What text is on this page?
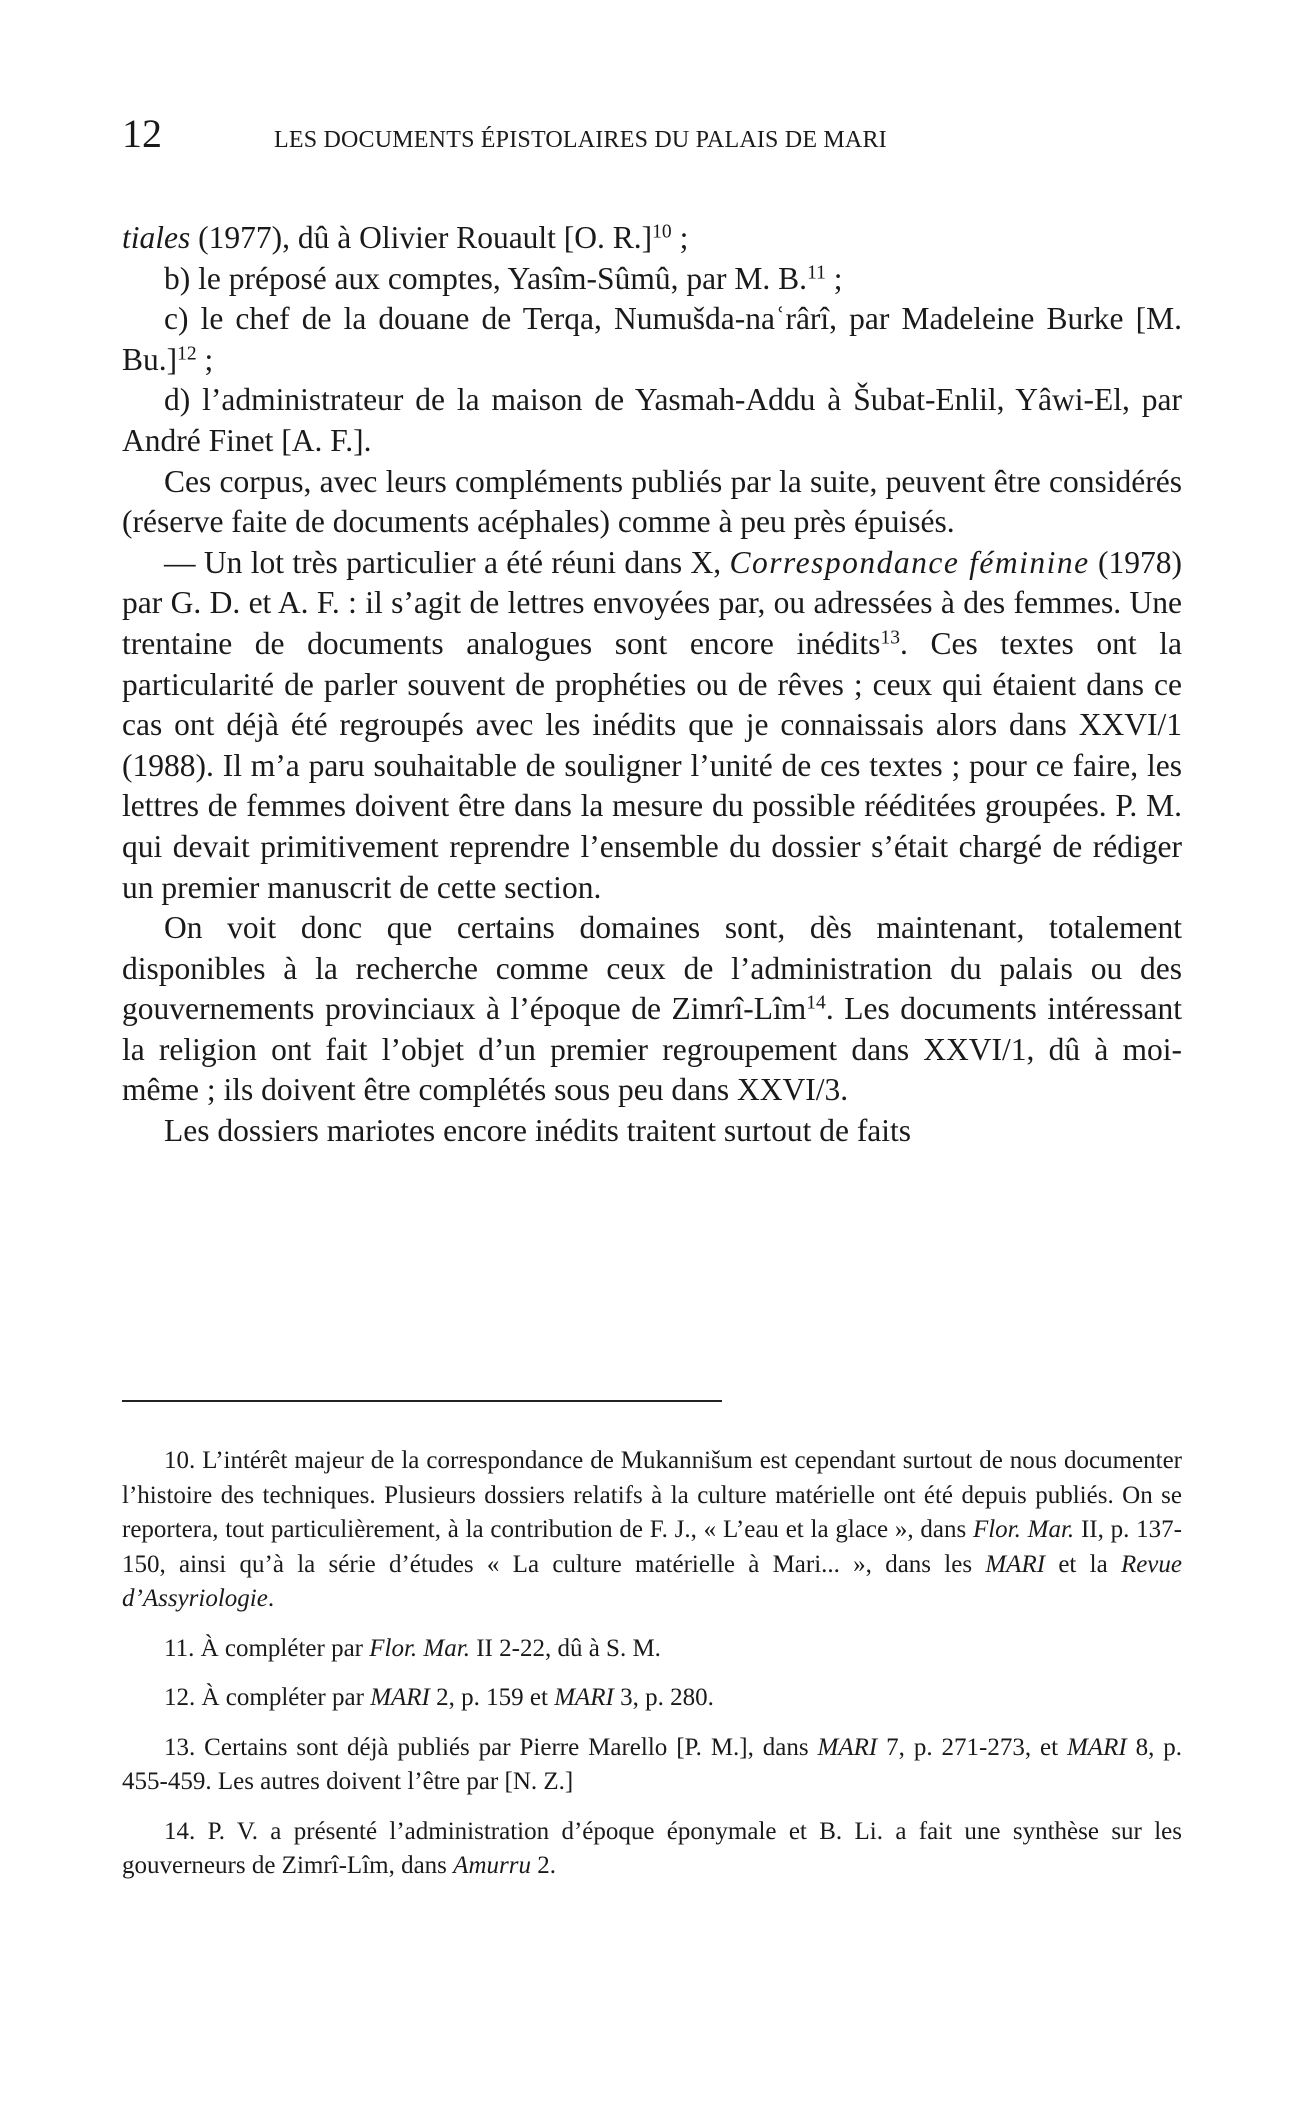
12	LES DOCUMENTS ÉPISTOLAIRES DU PALAIS DE MARI

tiales (1977), dû à Olivier Rouault [O. R.]$^{10}$ ;

b) le préposé aux comptes, Yasîm-Sûmû, par M. B.$^{11}$ ;

c) le chef de la douane de Terqa, Numušda-naʿrârî, par Madeleine Burke [M. Bu.]$^{12}$ ;

d) l’administrateur de la maison de Yasmah-Addu à Šubat-Enlil, Yâwi-El, par André Finet [A. F.].

Ces corpus, avec leurs compléments publiés par la suite, peuvent être considérés (réserve faite de documents acéphales) comme à peu près épuisés.

— Un lot très particulier a été réuni dans X, Correspondance féminine (1978) par G. D. et A. F. : il s’agit de lettres envoyées par, ou adressées à des femmes. Une trentaine de documents analogues sont encore inédits$^{13}$. Ces textes ont la particularité de parler souvent de prophéties ou de rêves ; ceux qui étaient dans ce cas ont déjà été regroupés avec les inédits que je connaissais alors dans XXVI/1 (1988). Il m’a paru souhaitable de souligner l’unité de ces textes ; pour ce faire, les lettres de femmes doivent être dans la mesure du possible rééditées groupées. P. M. qui devait primitivement reprendre l’ensemble du dossier s’était chargé de rédiger un premier manuscrit de cette section.

On voit donc que certains domaines sont, dès maintenant, totalement disponibles à la recherche comme ceux de l’administration du palais ou des gouvernements provinciaux à l’époque de Zimrî-Lîm$^{14}$. Les documents intéressant la religion ont fait l’objet d’un premier regroupement dans XXVI/1, dû à moi-même ; ils doivent être complétés sous peu dans XXVI/3.

Les dossiers mariotes encore inédits traitent surtout de faits

10. L’intérêt majeur de la correspondance de Mukannišum est cependant surtout de nous documenter l’histoire des techniques. Plusieurs dossiers relatifs à la culture matérielle ont été depuis publiés. On se reportera, tout particulièrement, à la contribution de F. J., « L’eau et la glace », dans Flor. Mar. II, p. 137-150, ainsi qu’à la série d’études « La culture matérielle à Mari... », dans les MARI et la Revue d’Assyriologie.

11. À compléter par Flor. Mar. II 2-22, dû à S. M.

12. À compléter par MARI 2, p. 159 et MARI 3, p. 280.

13. Certains sont déjà publiés par Pierre Marello [P. M.], dans MARI 7, p. 271-273, et MARI 8, p. 455-459. Les autres doivent l’être par [N. Z.]

14. P. V. a présenté l’administration d’époque éponymale et B. Li. a fait une synthèse sur les gouverneurs de Zimrî-Lîm, dans Amurru 2.
